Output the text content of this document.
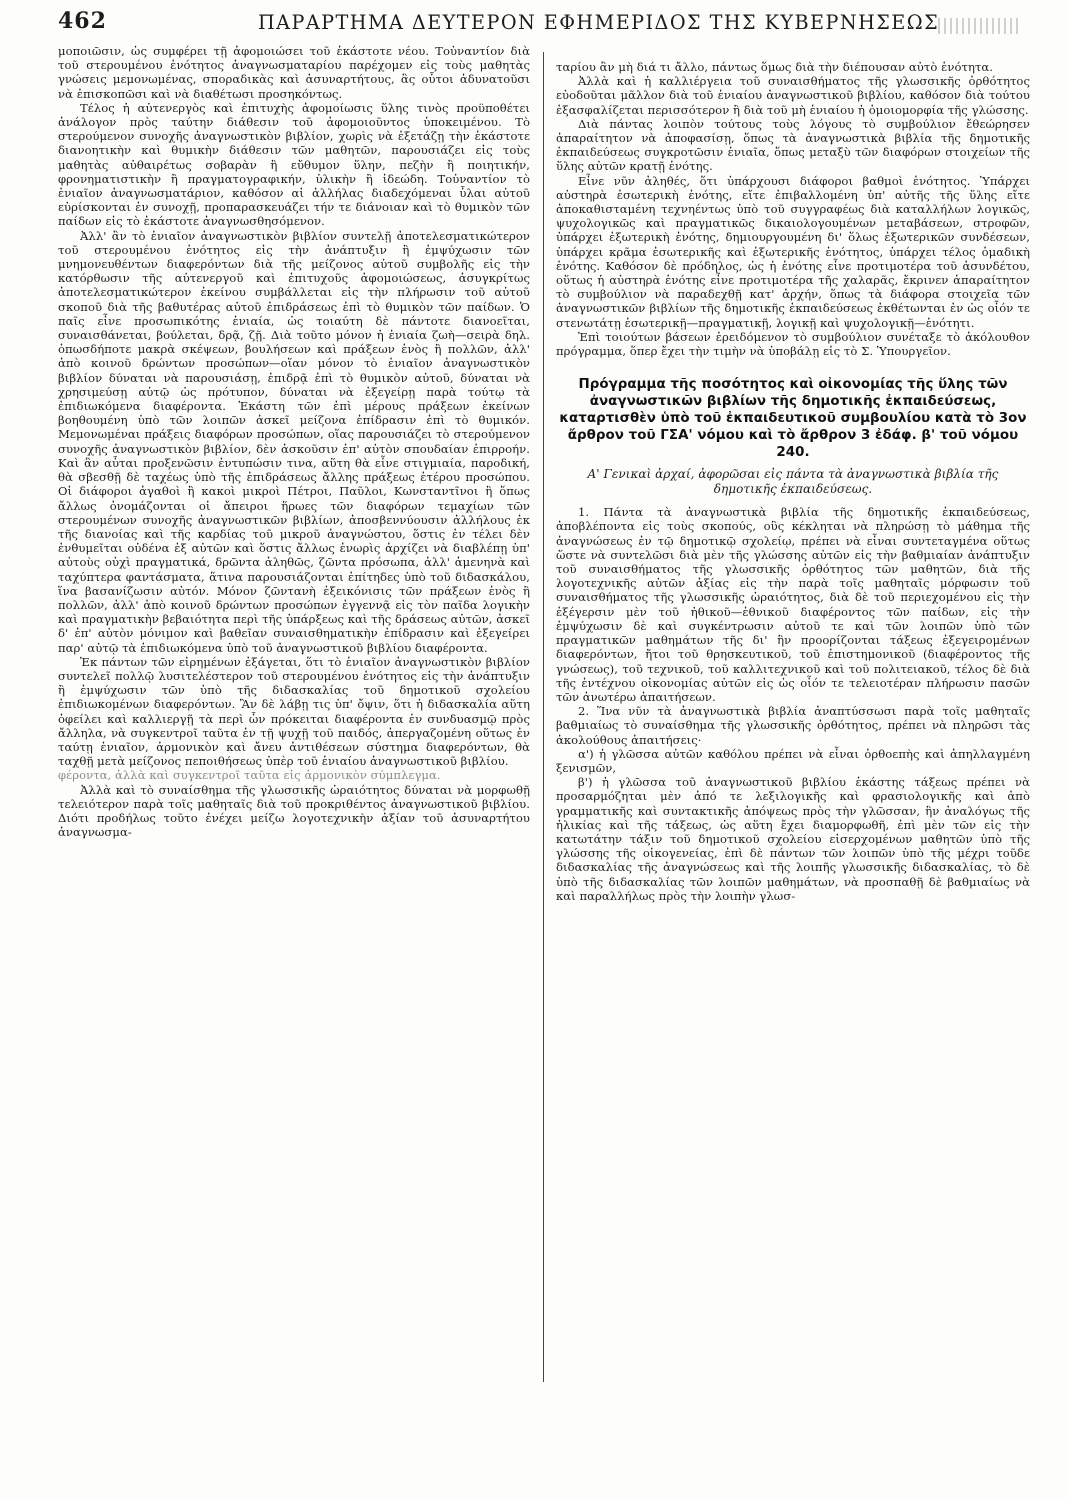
462	ΠΑΡΑΡΤΗΜΑ ΔΕΥΤΕΡΟΝ ΕΦΗΜΕΡΙΔΟΣ ΤΗΣ ΚΥΒΕΡΝΗΣΕΩΣ

μοποιῶσιν, ὡς συμφέρει τῇ ἀφομοιώσει τοῦ ἑκάστοτε νέου. Τοὐναντίον διὰ τοῦ στερουμένου ἑνότητος ἀναγνωσματαρίου παρέχομεν εἰς τοὺς μαθητὰς γνώσεις μεμονωμένας, σποραδικὰς καὶ ἀσυναρτήτους, ἃς οὗτοι ἀδυνατοῦσι νὰ ἐπισκοπῶσι καὶ νὰ διαθέτωσι προσηκόντως.

Τέλος ἡ αὐτενεργὸς καὶ ἐπιτυχὴς ἀφομοίωσις ὕλης τινὸς προϋποθέτει ἀνάλογον πρὸς ταύτην διάθεσιν τοῦ ἀφομοιοῦντος ὑποκειμένου. Τὸ στερούμενον συνοχῆς ἀναγνωστικὸν βιβλίον, χωρὶς νὰ ἐξετάζῃ τὴν ἑκάστοτε διανοητικὴν καὶ θυμικὴν διάθεσιν τῶν μαθητῶν, παρουσιάζει εἰς τοὺς μαθητὰς αὐθαιρέτως σοβαρὰν ἢ εὔθυμον ὕλην, πεζὴν ἢ ποιητικήν, φρονηματιστικὴν ἢ πραγματογραφικήν, ὑλικὴν ἢ ἰδεώδη. Τοὐναντίον τὸ ἑνιαῖον ἀναγνωσματάριον, καθόσον αἱ ἀλλήλας διαδεχόμεναι ὗλαι αὐτοῦ εὑρίσκονται ἐν συνοχῇ, προπαρασκευάζει τήν τε διάνοιαν καὶ τὸ θυμικὸν τῶν παίδων εἰς τὸ ἑκάστοτε ἀναγνωσθησόμενον.

Ἀλλ' ἂν τὸ ἑνιαῖον ἀναγνωστικὸν βιβλίον συντελῇ ἀποτελεσματικώτερον τοῦ στερουμένου ἑνότητος εἰς τὴν ἀνάπτυξιν ἢ ἐμψύχωσιν τῶν μνημονευθέντων διαφερόντων διὰ τῆς μείζονος αὐτοῦ συμβολῆς εἰς τὴν κατόρθωσιν τῆς αὐτενεργοῦ καὶ ἐπιτυχοῦς ἀφομοιώσεως, ἀσυγκρίτως ἀποτελεσματικώτερον ἐκείνου συμβάλλεται εἰς τὴν πλήρωσιν τοῦ αὐτοῦ σκοποῦ διὰ τῆς βαθυτέρας αὐτοῦ ἐπιδράσεως ἐπὶ τὸ θυμικὸν τῶν παίδων. Ὁ παῖς εἶνε προσωπικότης ἑνιαία, ὡς τοιαύτη δὲ πάντοτε διανοεῖται, συναισθάνεται, βούλεται, δρᾷ, ζῇ. Διὰ τοῦτο μόνον ἡ ἑνιαία ζωὴ—σειρὰ δηλ. ὁπωσδήποτε μακρὰ σκέψεων, βουλήσεων καὶ πράξεων ἑνὸς ἢ πολλῶν, ἀλλ' ἀπὸ κοινοῦ δρώντων προσώπων—οἵαν μόνον τὸ ἑνιαῖον ἀναγνωστικὸν βιβλίον δύναται νὰ παρουσιάσῃ, ἐπιδρᾷ ἐπὶ τὸ θυμικὸν αὐτοῦ, δύναται νὰ χρησιμεύσῃ αὐτῷ ὡς πρότυπον, δύναται νὰ ἐξεγείρῃ παρὰ τούτῳ τὰ ἐπιδιωκόμενα διαφέροντα. Ἑκάστη τῶν ἐπὶ μέρους πράξεων ἐκείνων βοηθουμένη ὑπὸ τῶν λοιπῶν ἀσκεῖ μείζονα ἐπίδρασιν ἐπὶ τὸ θυμικόν. Μεμονωμέναι πράξεις διαφόρων προσώπων, οἵας παρουσιάζει τὸ στερούμενον συνοχῆς ἀναγνωστικὸν βιβλίον, δὲν ἀσκοῦσιν ἐπ' αὐτὸν σπουδαίαν ἐπιρροήν. Καὶ ἂν αὗται προξενῶσιν ἐντυπώσιν τινα, αὕτη θὰ εἶνε στιγμιαία, παροδική, θὰ σβεσθῇ δὲ ταχέως ὑπὸ τῆς ἐπιδράσεως ἄλλης πράξεως ἑτέρου προσώπου. Οἱ διάφοροι ἀγαθοὶ ἢ κακοὶ μικροὶ Πέτροι, Παῦλοι, Κωνσταντῖνοι ἢ ὅπως ἄλλως ὀνομάζονται οἱ ἄπειροι ἥρωες τῶν διαφόρων τεμαχίων τῶν στερουμένων συνοχῆς ἀναγνωστικῶν βιβλίων, ἀποσβεννύουσιν ἀλλήλους ἐκ τῆς διανοίας καὶ τῆς καρδίας τοῦ μικροῦ ἀναγνώστου, ὅστις ἐν τέλει δὲν ἐνθυμεῖται οὐδένα ἐξ αὐτῶν καὶ ὅστις ἄλλως ἐνωρὶς ἀρχίζει νὰ διαβλέπῃ ὑπ' αὐτοὺς οὐχὶ πραγματικά, δρῶντα ἀληθῶς, ζῶντα πρόσωπα, ἀλλ' ἀμενηνὰ καὶ ταχύπτερα φαντάσματα, ἅτινα παρουσιάζονται ἐπίτηδες ὑπὸ τοῦ διδασκάλου, ἵνα βασανίζωσιν αὐτόν. Μόνον ζῶντανὴ ἐξεικόνισις τῶν πράξεων ἑνὸς ἢ πολλῶν, ἀλλ' ἀπὸ κοινοῦ δρώντων προσώπων ἐγγεννᾷ εἰς τὸν παῖδα λογικὴν καὶ πραγματικὴν βεβαιότητα περὶ τῆς ὑπάρξεως καὶ τῆς δράσεως αὐτῶν, ἀσκεῖ δ' ἐπ' αὐτὸν μόνιμον καὶ βαθεῖαν συναισθηματικὴν ἐπίδρασιν καὶ ἐξεγείρει παρ' αὐτῷ τὰ ἐπιδιωκόμενα ὑπὸ τοῦ ἀναγνωστικοῦ βιβλίου διαφέροντα.

Ἐκ πάντων τῶν εἰρημένων ἐξάγεται, ὅτι τὸ ἑνιαῖον ἀναγνωστικὸν βιβλίον συντελεῖ πολλῷ λυσιτελέστερον τοῦ στερουμένου ἑνότητος εἰς τὴν ἀνάπτυξιν ἢ ἐμψύχωσιν τῶν ὑπὸ τῆς διδασκαλίας τοῦ δημοτικοῦ σχολείου ἐπιδιωκομένων διαφερόντων. Ἂν δὲ λάβῃ τις ὑπ' ὄψιν, ὅτι ἡ διδασκαλία αὕτη ὀφείλει καὶ καλλιεργῇ τὰ περὶ ὧν πρόκειται διαφέροντα ἐν συνδυασμῷ πρὸς ἄλληλα, νὰ συγκεντροῖ ταῦτα ἐν τῇ ψυχῇ τοῦ παιδός, ἀπεργαζομένη οὕτως ἐν ταύτῃ ἑνιαῖον, ἁρμονικὸν καὶ ἄνευ ἀντιθέσεων σύστημα διαφερόντων, θὰ ταχθῇ μετὰ μείζονος πεποιθήσεως ὑπὲρ τοῦ ἑνιαίου ἀναγνωστικοῦ βιβλίου.

φέροντα, ἀλλὰ καὶ συγκεντροῖ ταῦτα εἰς ἁρμονικὸν σύμπλεγμα.

Ἀλλὰ καὶ τὸ συναίσθημα τῆς γλωσσικῆς ὡραιότητος δύναται νὰ μορφωθῇ τελειότερον παρὰ τοῖς μαθηταῖς διὰ τοῦ προκριθέντος ἀναγνωστικοῦ βιβλίου. Διότι προδήλως τοῦτο ἐνέχει μείζω λογοτεχνικὴν ἀξίαν τοῦ ἀσυναρτήτου ἀναγνωσμα-

ταρίου ἂν μὴ διά τι ἄλλο, πάντως ὅμως διὰ τὴν διέπουσαν αὐτὸ ἑνότητα.

Ἀλλὰ καὶ ἡ καλλιέργεια τοῦ συναισθήματος τῆς γλωσσικῆς ὀρθότητος εὐοδοῦται μᾶλλον διὰ τοῦ ἑνιαίου ἀναγνωστικοῦ βιβλίου, καθόσον διὰ τούτου ἐξασφαλίζεται περισσότερον ἢ διὰ τοῦ μὴ ἑνιαίου ἡ ὁμοιομορφία τῆς γλώσσης.

Διὰ πάντας λοιπὸν τούτους τοὺς λόγους τὸ συμβούλιον ἔθεώρησεν ἀπαραίτητον νὰ ἀποφασίσῃ, ὅπως τὰ ἀναγνωστικὰ βιβλία τῆς δημοτικῆς ἐκπαιδεύσεως συγκροτῶσιν ἑνιαῖα, ὅπως μεταξὺ τῶν διαφόρων στοιχείων τῆς ὕλης αὐτῶν κρατῇ ἑνότης.

Εἶνε νῦν ἀληθές, ὅτι ὑπάρχουσι διάφοροι βαθμοὶ ἑνότητος. Ὑπάρχει αὐστηρὰ ἐσωτερικὴ ἑνότης, εἴτε ἐπιβαλλομένη ὑπ' αὐτῆς τῆς ὕλης εἴτε ἀποκαθισταμένη τεχνηέντως ὑπὸ τοῦ συγγραφέως διὰ καταλλήλων λογικῶς, ψυχολογικῶς καὶ πραγματικῶς δικαιολογουμένων μεταβάσεων, στροφῶν, ὑπάρχει ἐξωτερικὴ ἑνότης, δημιουργουμένη δι' ὅλως ἐξωτερικῶν συνδέσεων, ὑπάρχει κρᾶμα ἐσωτερικῆς καὶ ἐξωτερικῆς ἑνότητος, ὑπάρχει τέλος ὁμαδικὴ ἑνότης. Καθόσον δὲ πρόδηλος, ὡς ἡ ἑνότης εἶνε προτιμοτέρα τοῦ ἀσυνδέτου, οὕτως ἡ αὐστηρὰ ἑνότης εἶνε προτιμοτέρα τῆς χαλαρᾶς, ἔκρινεν ἀπαραίτητον τὸ συμβούλιον νὰ παραδεχθῇ κατ' ἀρχήν, ὅπως τὰ διάφορα στοιχεῖα τῶν ἀναγνωστικῶν βιβλίων τῆς δημοτικῆς ἐκπαιδεύσεως ἐκθέτωνται ἐν ὡς οἷόν τε στενωτάτῃ ἐσωτερικῇ—πραγματικῇ, λογικῇ καὶ ψυχολογικῇ—ἑνότητι.

Ἐπὶ τοιούτων βάσεων ἐρειδόμενον τὸ συμβούλιον συνέταξε τὸ ἀκόλουθον πρόγραμμα, ὅπερ ἔχει τὴν τιμὴν νὰ ὑποβάλῃ εἰς τὸ Σ. Ὑπουργεῖον.

Πρόγραμμα τῆς ποσότητος καὶ οἰκονομίας τῆς ὕλης τῶν ἀναγνωστικῶν βιβλίων τῆς δημοτικῆς ἐκπαιδεύσεως, καταρτισθὲν ὑπὸ τοῦ ἐκπαιδευτικοῦ συμβουλίου κατὰ τὸ 3ον ἄρθρον τοῦ ΓΣΑ' νόμου καὶ τὸ ἄρθρον 3 ἐδάφ. β' τοῦ νόμου 240.

Α' Γενικαὶ ἀρχαί, ἀφορῶσαι εἰς πάντα τὰ ἀναγνωστικὰ βιβλία τῆς δημοτικῆς ἐκπαιδεύσεως.

1. Πάντα τὰ ἀναγνωστικὰ βιβλία τῆς δημοτικῆς ἐκπαιδεύσεως, ἀποβλέποντα εἰς τοὺς σκοπούς, οὓς κέκληται νὰ πληρώσῃ τὸ μάθημα τῆς ἀναγνώσεως ἐν τῷ δημοτικῷ σχολείῳ, πρέπει νὰ εἶναι συντεταγμένα οὕτως ὥστε νὰ συντελῶσι διὰ μὲν τῆς γλώσσης αὐτῶν εἰς τὴν βαθμιαίαν ἀνάπτυξιν τοῦ συναισθήματος τῆς γλωσσικῆς ὀρθότητος τῶν μαθητῶν, διὰ τῆς λογοτεχνικῆς αὐτῶν ἀξίας εἰς τὴν παρὰ τοῖς μαθηταῖς μόρφωσιν τοῦ συναισθήματος τῆς γλωσσικῆς ὡραιότητος, διὰ δὲ τοῦ περιεχομένου εἰς τὴν ἐξέγερσιν μὲν τοῦ ἠθικοῦ—ἐθνικοῦ διαφέροντος τῶν παίδων, εἰς τὴν ἐμψύχωσιν δὲ καὶ συγκέντρωσιν αὐτοῦ τε καὶ τῶν λοιπῶν ὑπὸ τῶν πραγματικῶν μαθημάτων τῆς δι' ἣν προορίζονται τάξεως ἐξεγειρομένων διαφερόντων, ἤτοι τοῦ θρησκευτικοῦ, τοῦ ἐπιστημονικοῦ (διαφέροντος τῆς γνώσεως), τοῦ τεχνικοῦ, τοῦ καλλιτεχνικοῦ καὶ τοῦ πολιτειακοῦ, τέλος δὲ διὰ τῆς ἐντέχνου οἰκονομίας αὐτῶν εἰς ὡς οἷόν τε τελειοτέραν πλήρωσιν πασῶν τῶν ἀνωτέρω ἀπαιτήσεων.

2. Ἵνα νῦν τὰ ἀναγνωστικὰ βιβλία ἀναπτύσσωσι παρὰ τοῖς μαθηταῖς βαθμιαίως τὸ συναίσθημα τῆς γλωσσικῆς ὀρθότητος, πρέπει νὰ πληρῶσι τὰς ἀκολούθους ἀπαιτήσεις·

α') ἡ γλῶσσα αὐτῶν καθόλου πρέπει νὰ εἶναι ὀρθοεπὴς καὶ ἀπηλλαγμένη ξενισμῶν,

β') ἡ γλῶσσα τοῦ ἀναγνωστικοῦ βιβλίου ἑκάστης τάξεως πρέπει νὰ προσαρμόζηται μὲν ἀπό τε λεξιλογικῆς καὶ φρασιολογικῆς καὶ ἀπὸ γραμματικῆς καὶ συντακτικῆς ἀπόψεως πρὸς τὴν γλῶσσαν, ἣν ἀναλόγως τῆς ἡλικίας καὶ τῆς τάξεως, ὡς αὕτη ἔχει διαμορφωθῆ, ἐπὶ μὲν τῶν εἰς τὴν κατωτάτην τάξιν τοῦ δημοτικοῦ σχολείου εἰσερχομένων μαθητῶν ὑπὸ τῆς γλώσσης τῆς οἰκογενείας, ἐπὶ δὲ πάντων τῶν λοιπῶν ὑπὸ τῆς μέχρι τοῦδε διδασκαλίας τῆς ἀναγνώσεως καὶ τῆς λοιπῆς γλωσσικῆς διδασκαλίας, τὸ δὲ ὑπὸ τῆς διδασκαλίας τῶν λοιπῶν μαθημάτων, νὰ προσπαθῇ δὲ βαθμιαίως νὰ καὶ παραλλήλως πρὸς τὴν λοιπὴν γλωσ-
